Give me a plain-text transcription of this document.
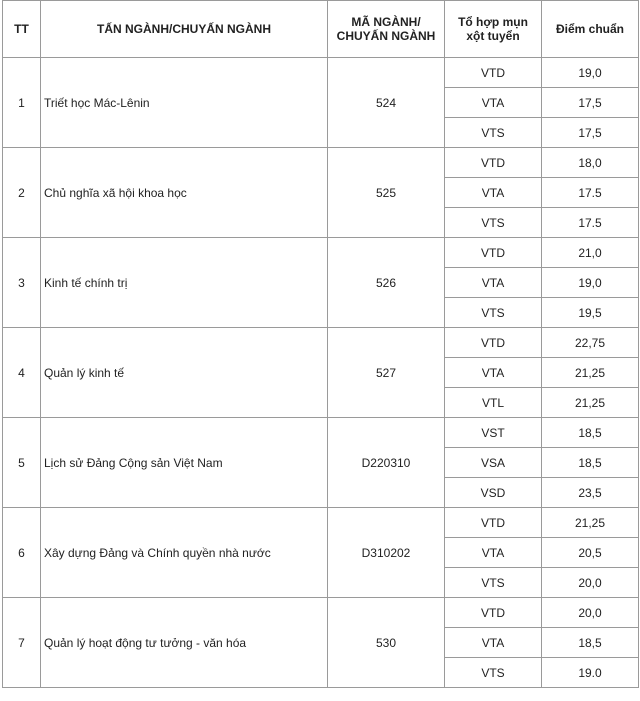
TT	TẤN NGÀNH/CHUYẤN NGÀNH	MÃ NGÀNH/ CHUYẤN NGÀNH	Tổ hợp mụn xột tuyển	Điểm chuẩn
1	Triết học Mác-Lênin	524	VTD	19,0
			VTA	17,5
			VTS	17,5
2	Chủ nghĩa xã hội khoa học	525	VTD	18,0
			VTA	17.5
			VTS	17.5
3	Kinh tế chính trị	526	VTD	21,0
			VTA	19,0
			VTS	19,5
4	Quản lý kinh tế	527	VTD	22,75
			VTA	21,25
			VTL	21,25
5	Lịch sử Đảng Cộng sản Việt Nam	D220310	VST	18,5
			VSA	18,5
			VSD	23,5
6	Xây dựng Đảng và Chính quyền nhà nước	D310202	VTD	21,25
			VTA	20,5
			VTS	20,0
7	Quản lý hoạt động tư tưởng - văn hóa	530	VTD	20,0
			VTA	18,5
			VTS	19.0
